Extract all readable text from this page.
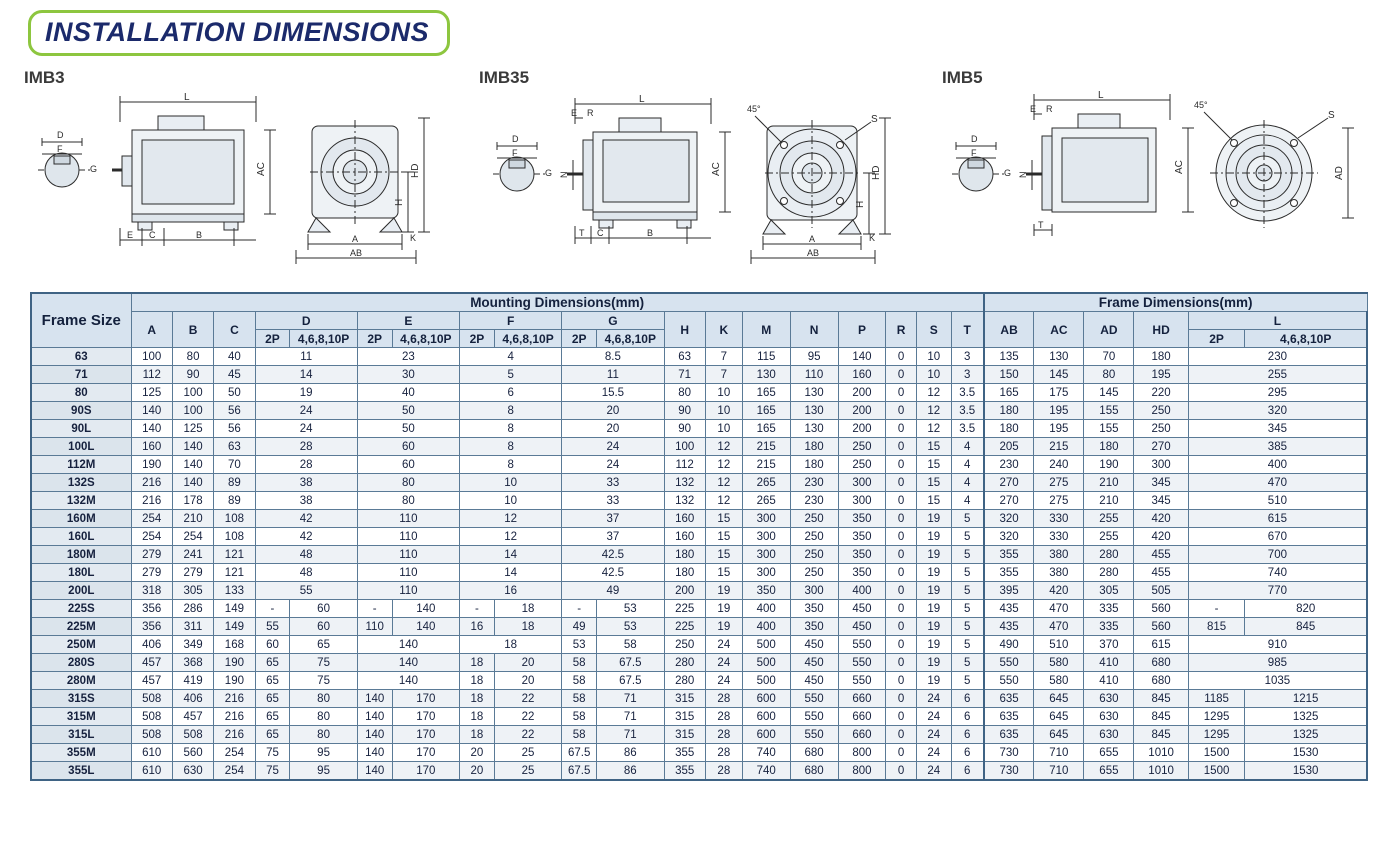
INSTALLATION DIMENSIONS
IMB3
D
F
G
L
E C	B
AC	HD
H
A
AB
K
IMB35
D
F
G
E R
L
N
T C	B
AC
45°
S
HD
H
A
AB
K
IMB5
D
F
G
E R
L
N
T
AC
45°
S
AD
Frame Size	Mounting Dimensions(mm)																			Frame Dimensions(mm)					
	A	B	C	D		E		F		G		H	K	M	N	P	R	S	T	AB	AC	AD	HD	L	
				2P	4,6,8,10P	2P	4,6,8,10P	2P	4,6,8,10P	2P	4,6,8,10P													2P	4,6,8,10P
63	100	80	40	11		23		4		8.5		63	7	115	95	140	0	10	3	135	130	70	180	230	
71	112	90	45	14		30		5		11		71	7	130	110	160	0	10	3	150	145	80	195	255	
80	125	100	50	19		40		6		15.5		80	10	165	130	200	0	12	3.5	165	175	145	220	295	
90S	140	100	56	24		50		8		20		90	10	165	130	200	0	12	3.5	180	195	155	250	320	
90L	140	125	56	24		50		8		20		90	10	165	130	200	0	12	3.5	180	195	155	250	345	
100L	160	140	63	28		60		8		24		100	12	215	180	250	0	15	4	205	215	180	270	385	
112M	190	140	70	28		60		8		24		112	12	215	180	250	0	15	4	230	240	190	300	400	
132S	216	140	89	38		80		10		33		132	12	265	230	300	0	15	4	270	275	210	345	470	
132M	216	178	89	38		80		10		33		132	12	265	230	300	0	15	4	270	275	210	345	510	
160M	254	210	108	42		110		12		37		160	15	300	250	350	0	19	5	320	330	255	420	615	
160L	254	254	108	42		110		12		37		160	15	300	250	350	0	19	5	320	330	255	420	670	
180M	279	241	121	48		110		14		42.5		180	15	300	250	350	0	19	5	355	380	280	455	700	
180L	279	279	121	48		110		14		42.5		180	15	300	250	350	0	19	5	355	380	280	455	740	
200L	318	305	133	55		110		16		49		200	19	350	300	400	0	19	5	395	420	305	505	770	
225S	356	286	149	-	60	-	140	-	18	-	53	225	19	400	350	450	0	19	5	435	470	335	560	-	820
225M	356	311	149	55	60	110	140	16	18	49	53	225	19	400	350	450	0	19	5	435	470	335	560	815	845
250M	406	349	168	60	65	140		18		53	58	250	24	500	450	550	0	19	5	490	510	370	615	910	
280S	457	368	190	65	75	140		18	20	58	67.5	280	24	500	450	550	0	19	5	550	580	410	680	985	
280M	457	419	190	65	75	140		18	20	58	67.5	280	24	500	450	550	0	19	5	550	580	410	680	1035	
315S	508	406	216	65	80	140	170	18	22	58	71	315	28	600	550	660	0	24	6	635	645	630	845	1185	1215
315M	508	457	216	65	80	140	170	18	22	58	71	315	28	600	550	660	0	24	6	635	645	630	845	1295	1325
315L	508	508	216	65	80	140	170	18	22	58	71	315	28	600	550	660	0	24	6	635	645	630	845	1295	1325
355M	610	560	254	75	95	140	170	20	25	67.5	86	355	28	740	680	800	0	24	6	730	710	655	1010	1500	1530
355L	610	630	254	75	95	140	170	20	25	67.5	86	355	28	740	680	800	0	24	6	730	710	655	1010	1500	1530
